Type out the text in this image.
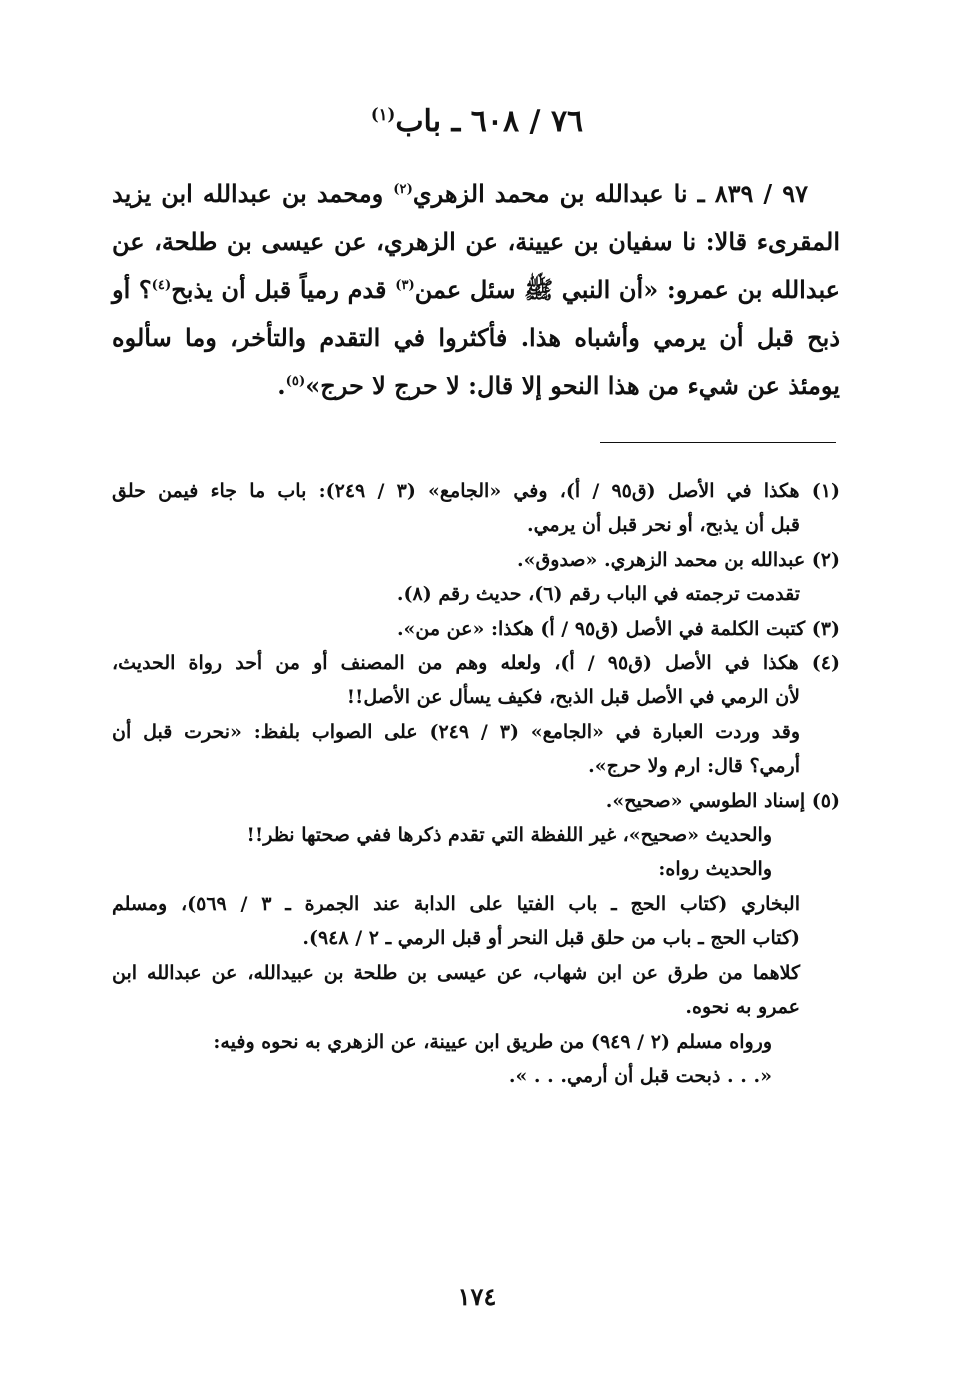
٧٦ / ٦٠٨ ـ باب$^{(١)}$

٩٧ / ٨٣٩ ـ نا عبدالله بن محمد الزهري$^{(٢)}$ ومحمد بن عبدالله ابن يزيد المقرىء قالا: نا سفيان بن عيينة، عن الزهري، عن عيسى بن طلحة، عن عبدالله بن عمرو: «أن النبي ﷺ سئل عمن$^{(٣)}$ قدم رمياً قبل أن يذبح$^{(٤)}$؟ أو ذبح قبل أن يرمي وأشباه هذا. فأكثروا في التقدم والتأخر، وما سألوه يومئذ عن شيء من هذا النحو إلا قال: لا حرج لا حرج»$^{(٥)}$.

(١) هكذا في الأصل (ق٩٥ / أ)، وفي «الجامع» (٣ / ٢٤٩): باب ما جاء فيمن حلق
قبل أن يذبح، أو نحر قبل أن يرمي.
(٢) عبدالله بن محمد الزهري. «صدوق».
تقدمت ترجمته في الباب رقم (٦)، حديث رقم (٨).
(٣) كتبت الكلمة في الأصل (ق٩٥ / أ) هكذا: «عن من».
(٤) هكذا في الأصل (ق٩٥ / أ)، ولعله وهم من المصنف أو من أحد رواة الحديث،
لأن الرمي في الأصل قبل الذبح، فكيف يسأل عن الأصل!!
وقد وردت العبارة في «الجامع» (٣ / ٢٤٩) على الصواب بلفظ: «نحرت قبل أن
أرمي؟ قال: ارم ولا حرج».
(٥) إسناد الطوسي «صحيح».
والحديث «صحيح»، غير اللفظة التي تقدم ذكرها ففي صحتها نظر!!
والحديث رواه:
البخاري (كتاب الحج ـ باب الفتيا على الدابة عند الجمرة ـ ٣ / ٥٦٩)، ومسلم
(كتاب الحج ـ باب من حلق قبل النحر أو قبل الرمي ـ ٢ / ٩٤٨).
كلاهما من طرق عن ابن شهاب، عن عيسى بن طلحة بن عبيدالله، عن عبدالله ابن
عمرو به نحوه.
ورواه مسلم (٢ / ٩٤٩) من طريق ابن عيينة، عن الزهري به نحوه وفيه:
«. . . ذبحت قبل أن أرمي. . . ».
١٧٤
